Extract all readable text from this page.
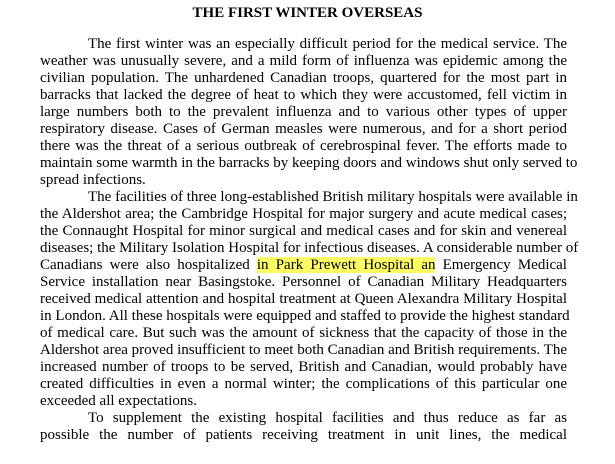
THE FIRST WINTER OVERSEAS

The first winter was an especially difficult period for the medical service. The

weather was unusually severe, and a mild form of influenza was epidemic among the

civilian population. The unhardened Canadian troops, quartered for the most part in

barracks that lacked the degree of heat to which they were accustomed, fell victim in

large numbers both to the prevalent influenza and to various other types of upper

respiratory disease. Cases of German measles were numerous, and for a short period

there was the threat of a serious outbreak of cerebrospinal fever. The efforts made to

maintain some warmth in the barracks by keeping doors and windows shut only served to

spread infections.

The facilities of three long-established British military hospitals were available in

the Aldershot area; the Cambridge Hospital for major surgery and acute medical cases;

the Connaught Hospital for minor surgical and medical cases and for skin and venereal

diseases; the Military Isolation Hospital for infectious diseases. A considerable number of

Canadians were also hospitalized in Park Prewett Hospital an Emergency Medical

Service installation near Basingstoke. Personnel of Canadian Military Headquarters

received medical attention and hospital treatment at Queen Alexandra Military Hospital

in London. All these hospitals were equipped and staffed to provide the highest standard

of medical care. But such was the amount of sickness that the capacity of those in the

Aldershot area proved insufficient to meet both Canadian and British requirements. The

increased number of troops to be served, British and Canadian, would probably have

created difficulties in even a normal winter; the complications of this particular one

exceeded all expectations.

To supplement the existing hospital facilities and thus reduce as far as

possible the number of patients receiving treatment in unit lines, the medical
